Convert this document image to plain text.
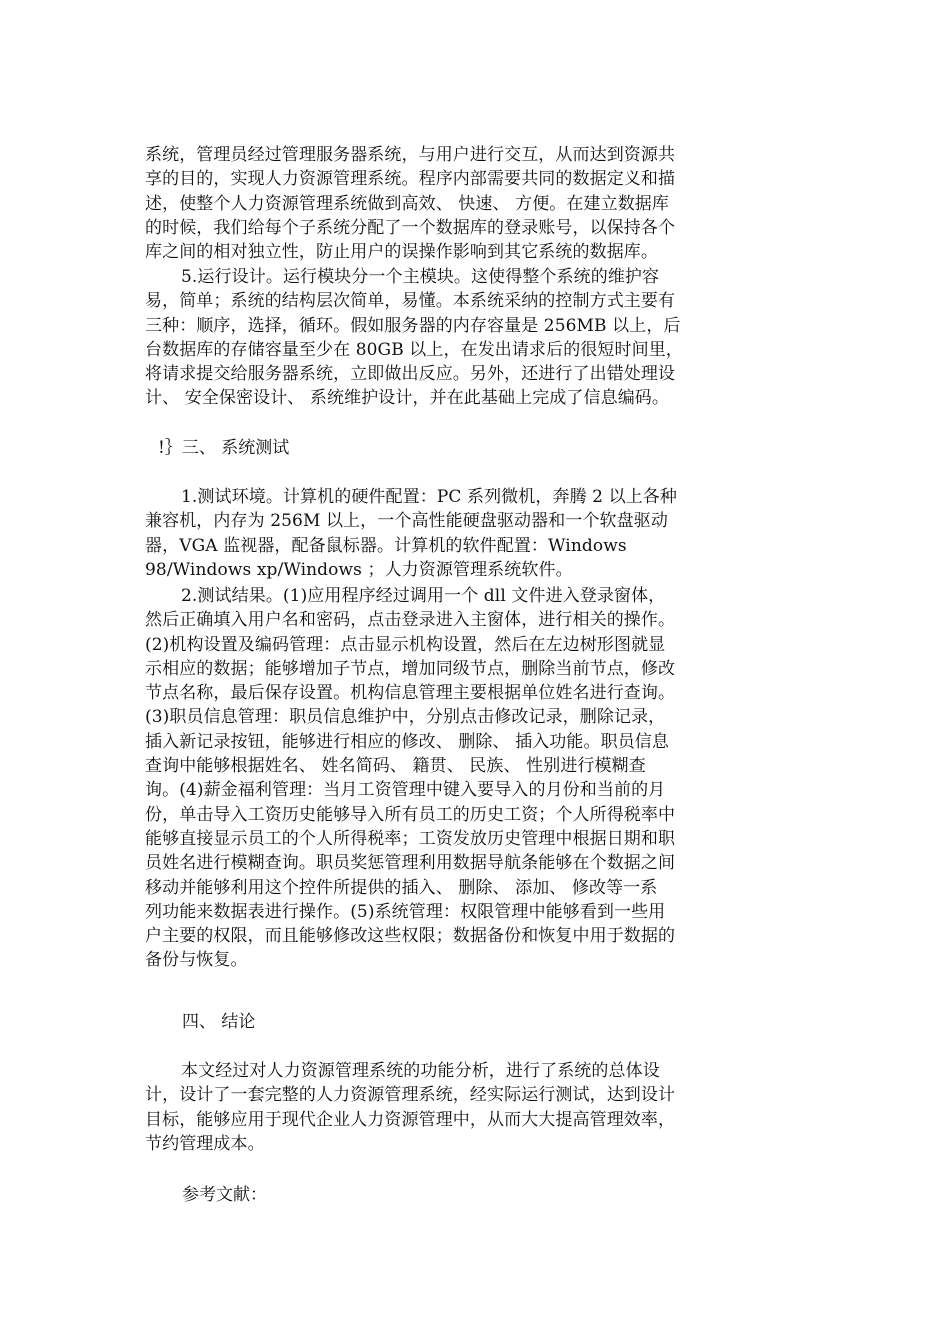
系统，管理员经过管理服务器系统，与用户进行交互，从而达到资源共
享的目的，实现人力资源管理系统。程序内部需要共同的数据定义和描
述，使整个人力资源管理系统做到高效、 快速、 方便。在建立数据库
的时候，我们给每个子系统分配了一个数据库的登录账号，以保持各个
库之间的相对独立性，防止用户的误操作影响到其它系统的数据库。
5.运行设计。运行模块分一个主模块。这使得整个系统的维护容
易，简单；系统的结构层次简单，易懂。本系统采纳的控制方式主要有
三种：顺序，选择，循环。假如服务器的内存容量是 256MB 以上，后
台数据库的存储容量至少在 80GB 以上，在发出请求后的很短时间里，
将请求提交给服务器系统，立即做出反应。另外，还进行了出错处理设
计、 安全保密设计、 系统维护设计，并在此基础上完成了信息编码。

!｝三、 系统测试

1.测试环境。计算机的硬件配置：PC 系列微机，奔腾 2 以上各种
兼容机，内存为 256M 以上，一个高性能硬盘驱动器和一个软盘驱动
器，VGA 监视器，配备鼠标器。计算机的软件配置：Windows
98/Windows xp/Windows ；人力资源管理系统软件。
2.测试结果。(1)应用程序经过调用一个 dll 文件进入登录窗体，
然后正确填入用户名和密码，点击登录进入主窗体，进行相关的操作。
(2)机构设置及编码管理：点击显示机构设置，然后在左边树形图就显
示相应的数据；能够增加子节点，增加同级节点，删除当前节点，修改
节点名称，最后保存设置。机构信息管理主要根据单位姓名进行查询。
(3)职员信息管理：职员信息维护中，分别点击修改记录，删除记录，
插入新记录按钮，能够进行相应的修改、 删除、 插入功能。职员信息
查询中能够根据姓名、 姓名简码、 籍贯、 民族、 性别进行模糊查
询。(4)薪金福利管理：当月工资管理中键入要导入的月份和当前的月
份，单击导入工资历史能够导入所有员工的历史工资；个人所得税率中
能够直接显示员工的个人所得税率；工资发放历史管理中根据日期和职
员姓名进行模糊查询。职员奖惩管理利用数据导航条能够在个数据之间
移动并能够利用这个控件所提供的插入、 删除、 添加、 修改等一系
列功能来数据表进行操作。(5)系统管理：权限管理中能够看到一些用
户主要的权限，而且能够修改这些权限；数据备份和恢复中用于数据的
备份与恢复。

四、 结论

本文经过对人力资源管理系统的功能分析，进行了系统的总体设
计，设计了一套完整的人力资源管理系统，经实际运行测试，达到设计
目标，能够应用于现代企业人力资源管理中，从而大大提高管理效率，
节约管理成本。

参考文献：
